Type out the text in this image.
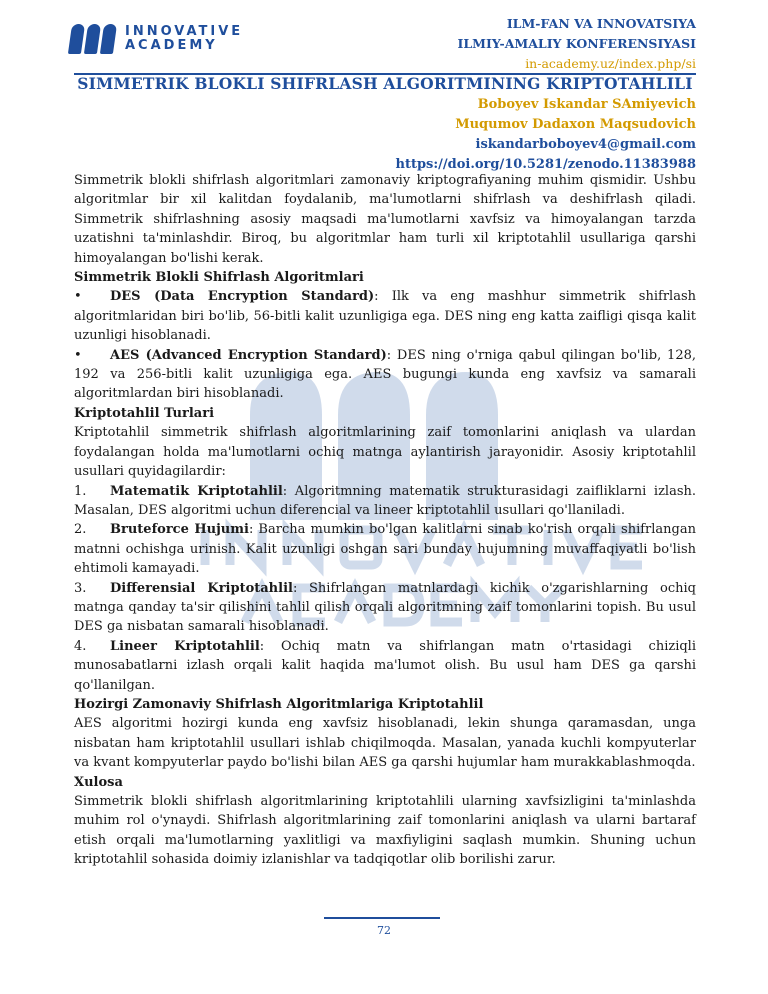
INNOVATIVE
ACADEMY
ILM-FAN VA INNOVATSIYA
ILMIY-AMALIY KONFERENSIYASI
in-academy.uz/index.php/si
SIMMETRIK BLOKLI SHIFRLASH ALGORITMINING KRIPTOTAHLILI
Boboyev Iskandar SAmiyevich
Muqumov Dadaxon Maqsudovich
iskandarboboyev4@gmail.com
https://doi.org/10.5281/zenodo.11383988

Simmetrik blokli shifrlash algoritmlari zamonaviy kriptografiyaning muhim qismidir. Ushbu algoritmlar bir xil kalitdan foydalanib, ma'lumotlarni shifrlash va deshifrlash qiladi. Simmetrik shifrlashning asosiy maqsadi ma'lumotlarni xavfsiz va himoyalangan tarzda uzatishni ta'minlashdir. Biroq, bu algoritmlar ham turli xil kriptotahlil usullariga qarshi himoyalangan bo'lishi kerak.

Simmetrik Blokli Shifrlash Algoritmlari

• DES (Data Encryption Standard): Ilk va eng mashhur simmetrik shifrlash algoritmlaridan biri bo'lib, 56-bitli kalit uzunligiga ega. DES ning eng katta zaifligi qisqa kalit uzunligi hisoblanadi.

• AES (Advanced Encryption Standard): DES ning o'rniga qabul qilingan bo'lib, 128, 192 va 256-bitli kalit uzunligiga ega. AES bugungi kunda eng xavfsiz va samarali algoritmlardan biri hisoblanadi.

Kriptotahlil Turlari

Kriptotahlil simmetrik shifrlash algoritmlarining zaif tomonlarini aniqlash va ulardan foydalangan holda ma'lumotlarni ochiq matnga aylantirish jarayonidir. Asosiy kriptotahlil usullari quyidagilardir:

1. Matematik Kriptotahlil: Algoritmning matematik strukturasidagi zaifliklarni izlash. Masalan, DES algoritmi uchun diferencial va lineer kriptotahlil usullari qo'llaniladi.

2. Bruteforce Hujumi: Barcha mumkin bo'lgan kalitlarni sinab ko'rish orqali shifrlangan matnni ochishga urinish. Kalit uzunligi oshgan sari bunday hujumning muvaffaqiyatli bo'lish ehtimoli kamayadi.

3. Differensial Kriptotahlil: Shifrlangan matnlardagi kichik o'zgarishlarning ochiq matnga qanday ta'sir qilishini tahlil qilish orqali algoritmning zaif tomonlarini topish. Bu usul DES ga nisbatan samarali hisoblanadi.

4. Lineer Kriptotahlil: Ochiq matn va shifrlangan matn o'rtasidagi chiziqli munosabatlarni izlash orqali kalit haqida ma'lumot olish. Bu usul ham DES ga qarshi qo'llanilgan.

Hozirgi Zamonaviy Shifrlash Algoritmlariga Kriptotahlil

AES algoritmi hozirgi kunda eng xavfsiz hisoblanadi, lekin shunga qaramasdan, unga nisbatan ham kriptotahlil usullari ishlab chiqilmoqda. Masalan, yanada kuchli kompyuterlar va kvant kompyuterlar paydo bo'lishi bilan AES ga qarshi hujumlar ham murakkablashmoqda.

Xulosa

Simmetrik blokli shifrlash algoritmlarining kriptotahlili ularning xavfsizligini ta'minlashda muhim rol o'ynaydi. Shifrlash algoritmlarining zaif tomonlarini aniqlash va ularni bartaraf etish orqali ma'lumotlarning yaxlitligi va maxfiyligini saqlash mumkin. Shuning uchun kriptotahlil sohasida doimiy izlanishlar va tadqiqotlar olib borilishi zarur.

72
